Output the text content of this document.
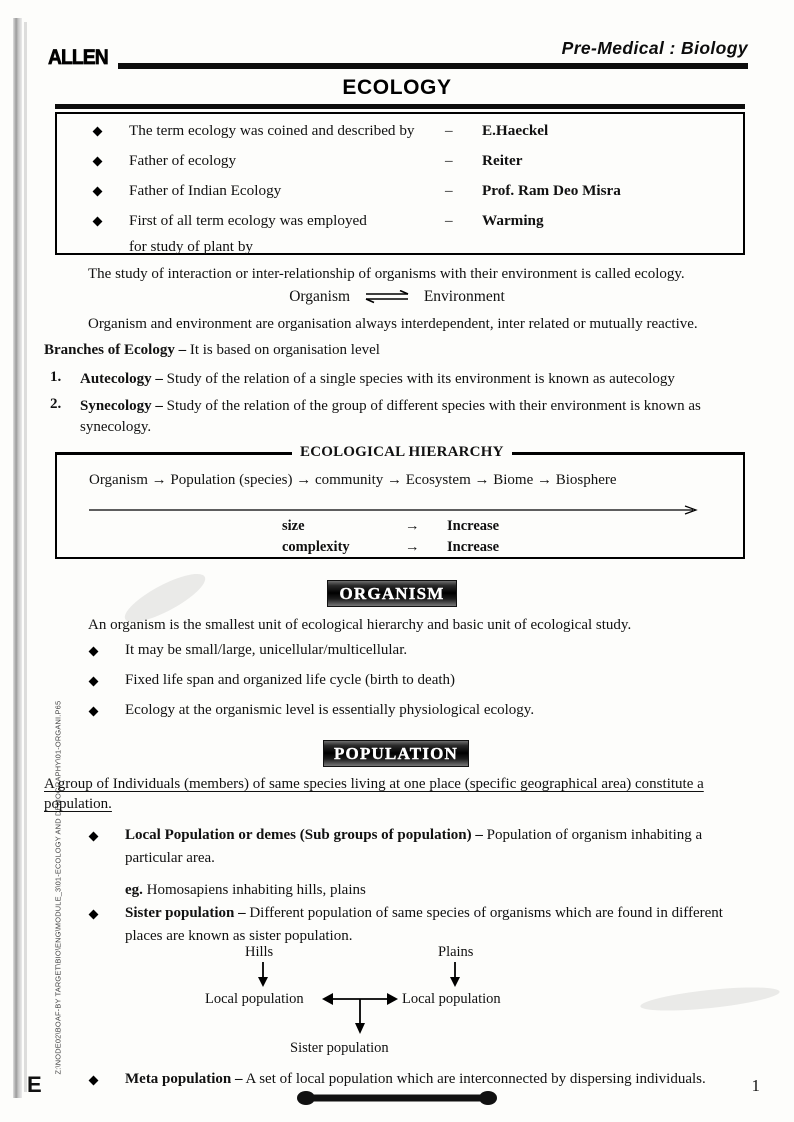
Z:\NODE02\BOAF-BY TARGET\BIO\ENG\MODULE_3\01-ECOLOGY AND DEMOGRAPHY\01-ORGANI.P65
E
ALLEN	Pre-Medical : Biology
ECOLOGY
The term ecology was coined and described by – E.Haeckel
Father of ecology	– Reiter
Father of Indian Ecology	– Prof. Ram Deo Misra
First of all term ecology was employed	– Warming
for study of plant by
The study of interaction or inter-relationship of organisms with their environment is called ecology.
Organism ⇌ Environment
Organism and environment are organisation always interdependent, inter related or mutually reactive.
Branches of Ecology – It is based on organisation level
1. Autecology – Study of the relation of a single species with its environment is known as autecology
2. Synecology – Study of the relation of the group of different species with their environment is known as
synecology.
Organism → Population (species) → community → Ecosystem → Biome → Biosphere
size	→ Increase
complexity	→ Increase
ECOLOGICAL HIERARCHY
ORGANISM
An organism is the smallest unit of ecological hierarchy and basic unit of ecological study.
It may be small/large, unicellular/multicellular.
Fixed life span and organized life cycle (birth to death)
Ecology at the organismic level is essentially physiological ecology.
POPULATION
A group of Individuals (members) of same species living at one place (specific geographical area) constitute a
population.
Local Population or demes (Sub groups of population) – Population of organism inhabiting a
particular area.
eg. Homosapiens inhabiting hills, plains
Sister population – Different population of same species of organisms which are found in different
places are known as sister population.
Hills	Plains
Local population	Local population
Sister population
Meta population – A set of local population which are interconnected by dispersing individuals.	1
